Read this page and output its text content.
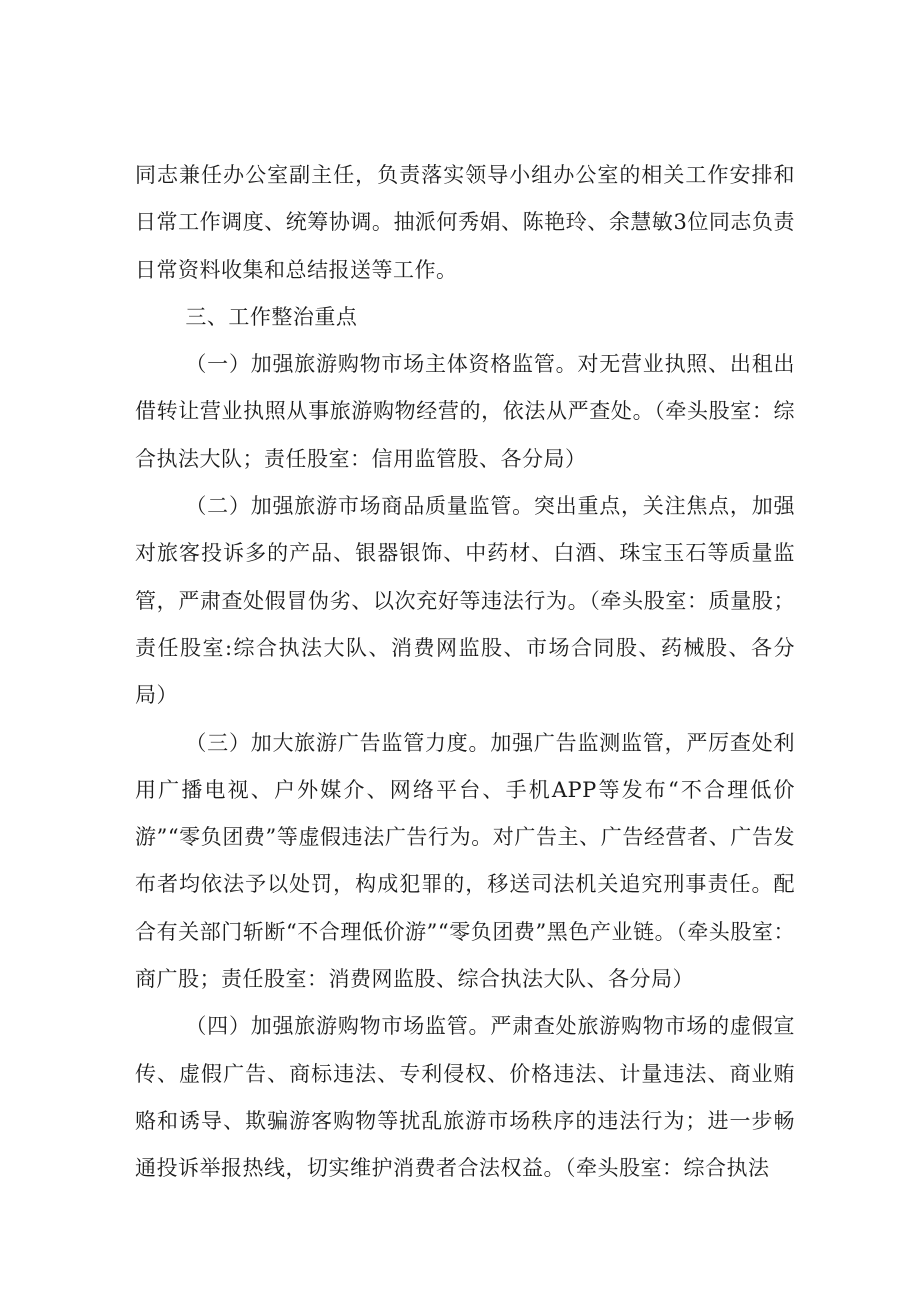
同志兼任办公室副主任，负责落实领导小组办公室的相关工作安排和日常工作调度、统筹协调。抽派何秀娟、陈艳玲、余慧敏3位同志负责日常资料收集和总结报送等工作。

三、工作整治重点

（一）加强旅游购物市场主体资格监管。对无营业执照、出租出借转让营业执照从事旅游购物经营的，依法从严查处。（牵头股室：综合执法大队；责任股室：信用监管股、各分局）

（二）加强旅游市场商品质量监管。突出重点，关注焦点，加强对旅客投诉多的产品、银器银饰、中药材、白酒、珠宝玉石等质量监管，严肃查处假冒伪劣、以次充好等违法行为。（牵头股室：质量股；责任股室:综合执法大队、消费网监股、市场合同股、药械股、各分局）

（三）加大旅游广告监管力度。加强广告监测监管，严厉查处利用广播电视、户外媒介、网络平台、手机APP等发布“不合理低价游”“零负团费”等虚假违法广告行为。对广告主、广告经营者、广告发布者均依法予以处罚，构成犯罪的，移送司法机关追究刑事责任。配合有关部门斩断“不合理低价游”“零负团费”黑色产业链。（牵头股室：商广股；责任股室：消费网监股、综合执法大队、各分局）

（四）加强旅游购物市场监管。严肃查处旅游购物市场的虚假宣传、虚假广告、商标违法、专利侵权、价格违法、计量违法、商业贿赂和诱导、欺骗游客购物等扰乱旅游市场秩序的违法行为；进一步畅通投诉举报热线，切实维护消费者合法权益。（牵头股室：综合执法
